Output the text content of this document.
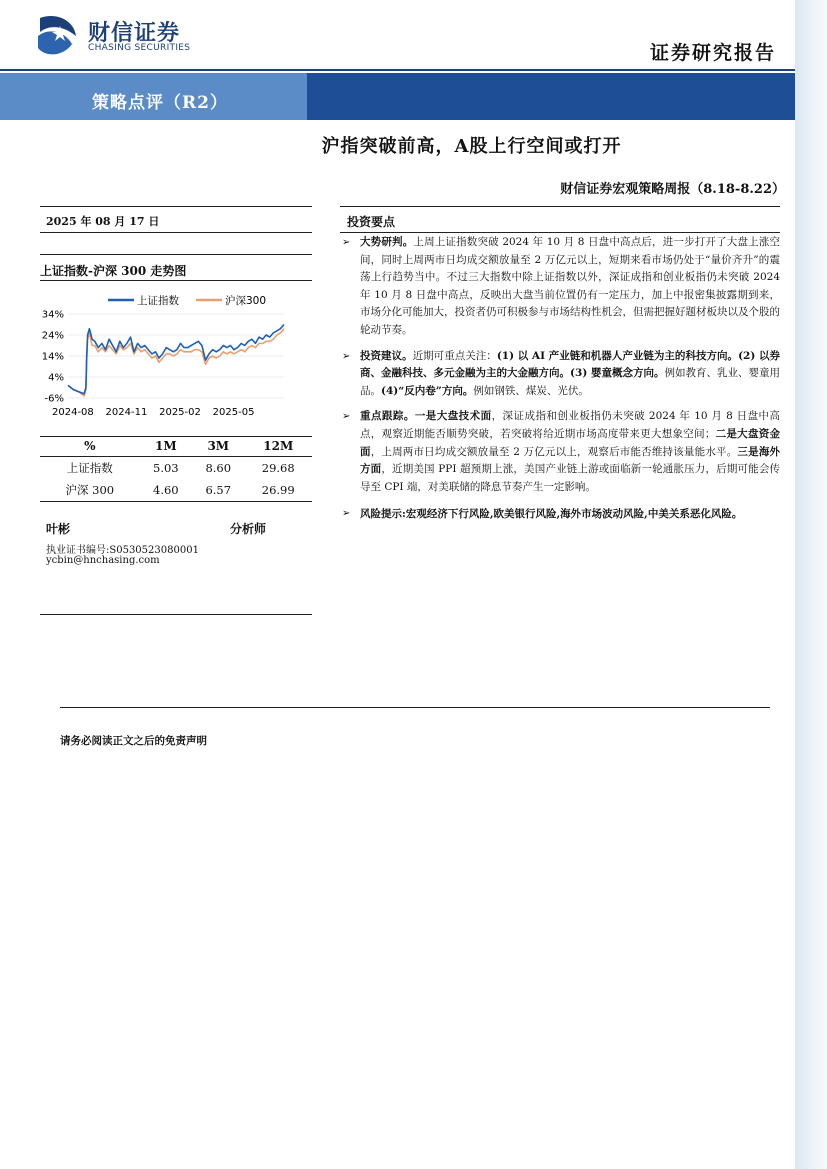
财信证券
CHASING SECURITIES	证券研究报告
策略点评（R2）
沪指突破前高，A股上行空间或打开
财信证券宏观策略周报（8.18-8.22）
2025 年 08 月 17 日
上证指数-沪深 300 走势图
上证指数	沪深300
34%
24%
14%
4%
-6%
2024-08 2024-11 2025-02 2025-05
%	1M	3M	12M
上证指数	5.03	8.60	29.68
沪深 300	4.60	6.57	26.99
叶彬	分析师
执业证书编号:S0530523080001
ycbin@hnchasing.com
投资要点
➢ 大势研判。上周上证指数突破 2024 年 10 月 8 日盘中高点后，进一步打开了大盘上涨空间，同时上周两市日均成交额放量至 2 万亿元以上，短期来看市场仍处于“量价齐升”的震荡上行趋势当中。不过三大指数中除上证指数以外，深证成指和创业板指仍未突破 2024 年 10 月 8 日盘中高点，反映出大盘当前位置仍有一定压力，加上中报密集披露期到来，市场分化可能加大，投资者仍可积极参与市场结构性机会，但需把握好题材板块以及个股的轮动节奏。
➢ 投资建议。近期可重点关注：(1) 以 AI 产业链和机器人产业链为主的科技方向。(2) 以券商、金融科技、多元金融为主的大金融方向。(3) 婴童概念方向。例如教育、乳业、婴童用品。(4)“反内卷”方向。例如钢铁、煤炭、光伏。
➢ 重点跟踪。一是大盘技术面，深证成指和创业板指仍未突破 2024 年 10 月 8 日盘中高点，观察近期能否顺势突破，若突破将给近期市场高度带来更大想象空间；二是大盘资金面，上周两市日均成交额放量至 2 万亿元以上，观察后市能否维持该量能水平。三是海外方面，近期美国 PPI 超预期上涨，美国产业链上游或面临新一轮通胀压力，后期可能会传导至 CPI 端，对美联储的降息节奏产生一定影响。
➢ 风险提示:宏观经济下行风险,欧美银行风险,海外市场波动风险,中美关系恶化风险。
请务必阅读正文之后的免责声明
